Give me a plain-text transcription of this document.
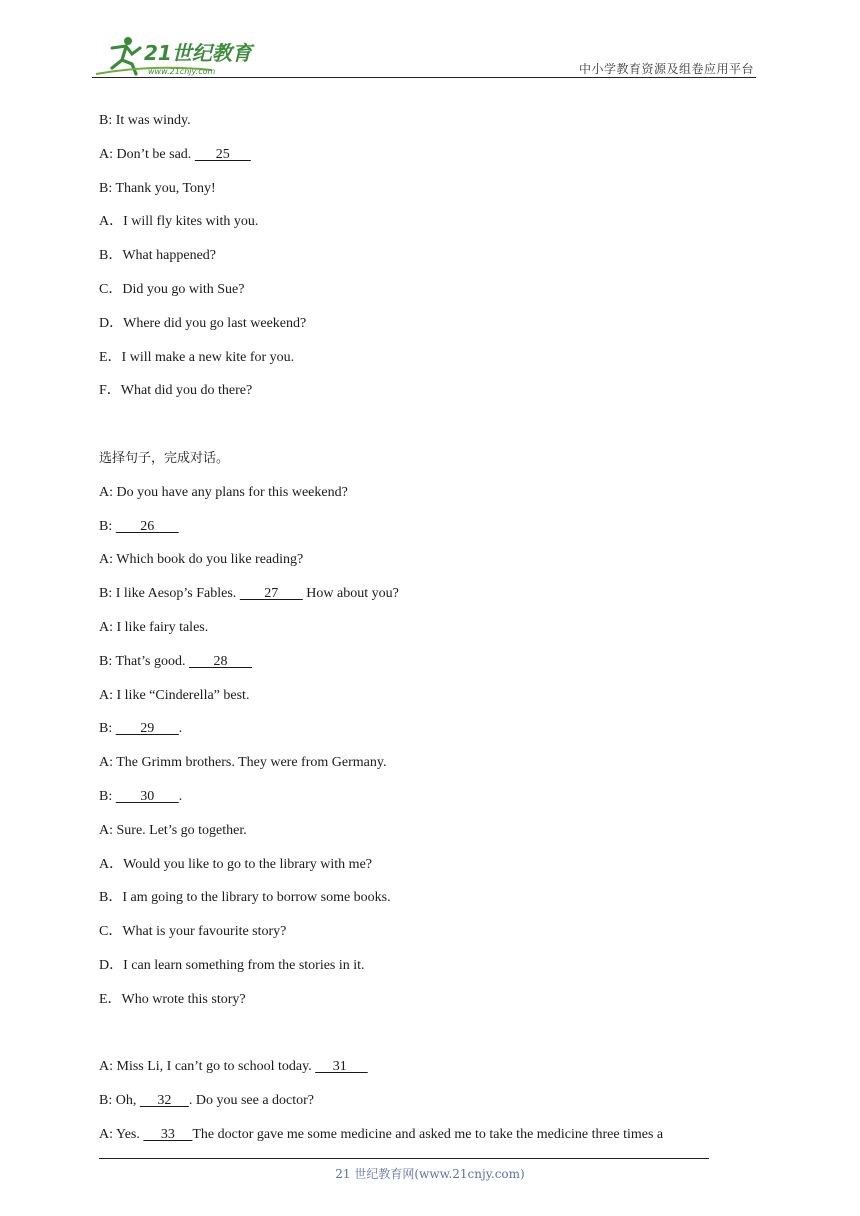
21世纪教育
www.21cnjy.com	中小学教育资源及组卷应用平台
B: It was windy.
A: Don’t be sad.       25
B: Thank you, Tony!
A．I will fly kites with you.
B．What happened?
C．Did you go with Sue?
D．Where did you go last weekend?
E．I will make a new kite for you.
F．What did you do there?
选择句子，完成对话。
A: Do you have any plans for this weekend?
B:        26
A: Which book do you like reading?
B: I like Aesop’s Fables.        27        How about you?
A: I like fairy tales.
B: That’s good.        28
A: I like “Cinderella” best.
B:        29       .
A: The Grimm brothers. They were from Germany.
B:        30       .
A: Sure. Let’s go together.
A．Would you like to go to the library with me?
B．I am going to the library to borrow some books.
C．What is your favourite story?
D．I can learn something from the stories in it.
E．Who wrote this story?
A: Miss Li, I can’t go to school today.      31
B: Oh,      32     . Do you see a doctor?
A: Yes.      33     The doctor gave me some medicine and asked me to take the medicine three times a
21 世纪教育网(www.21cnjy.com)
